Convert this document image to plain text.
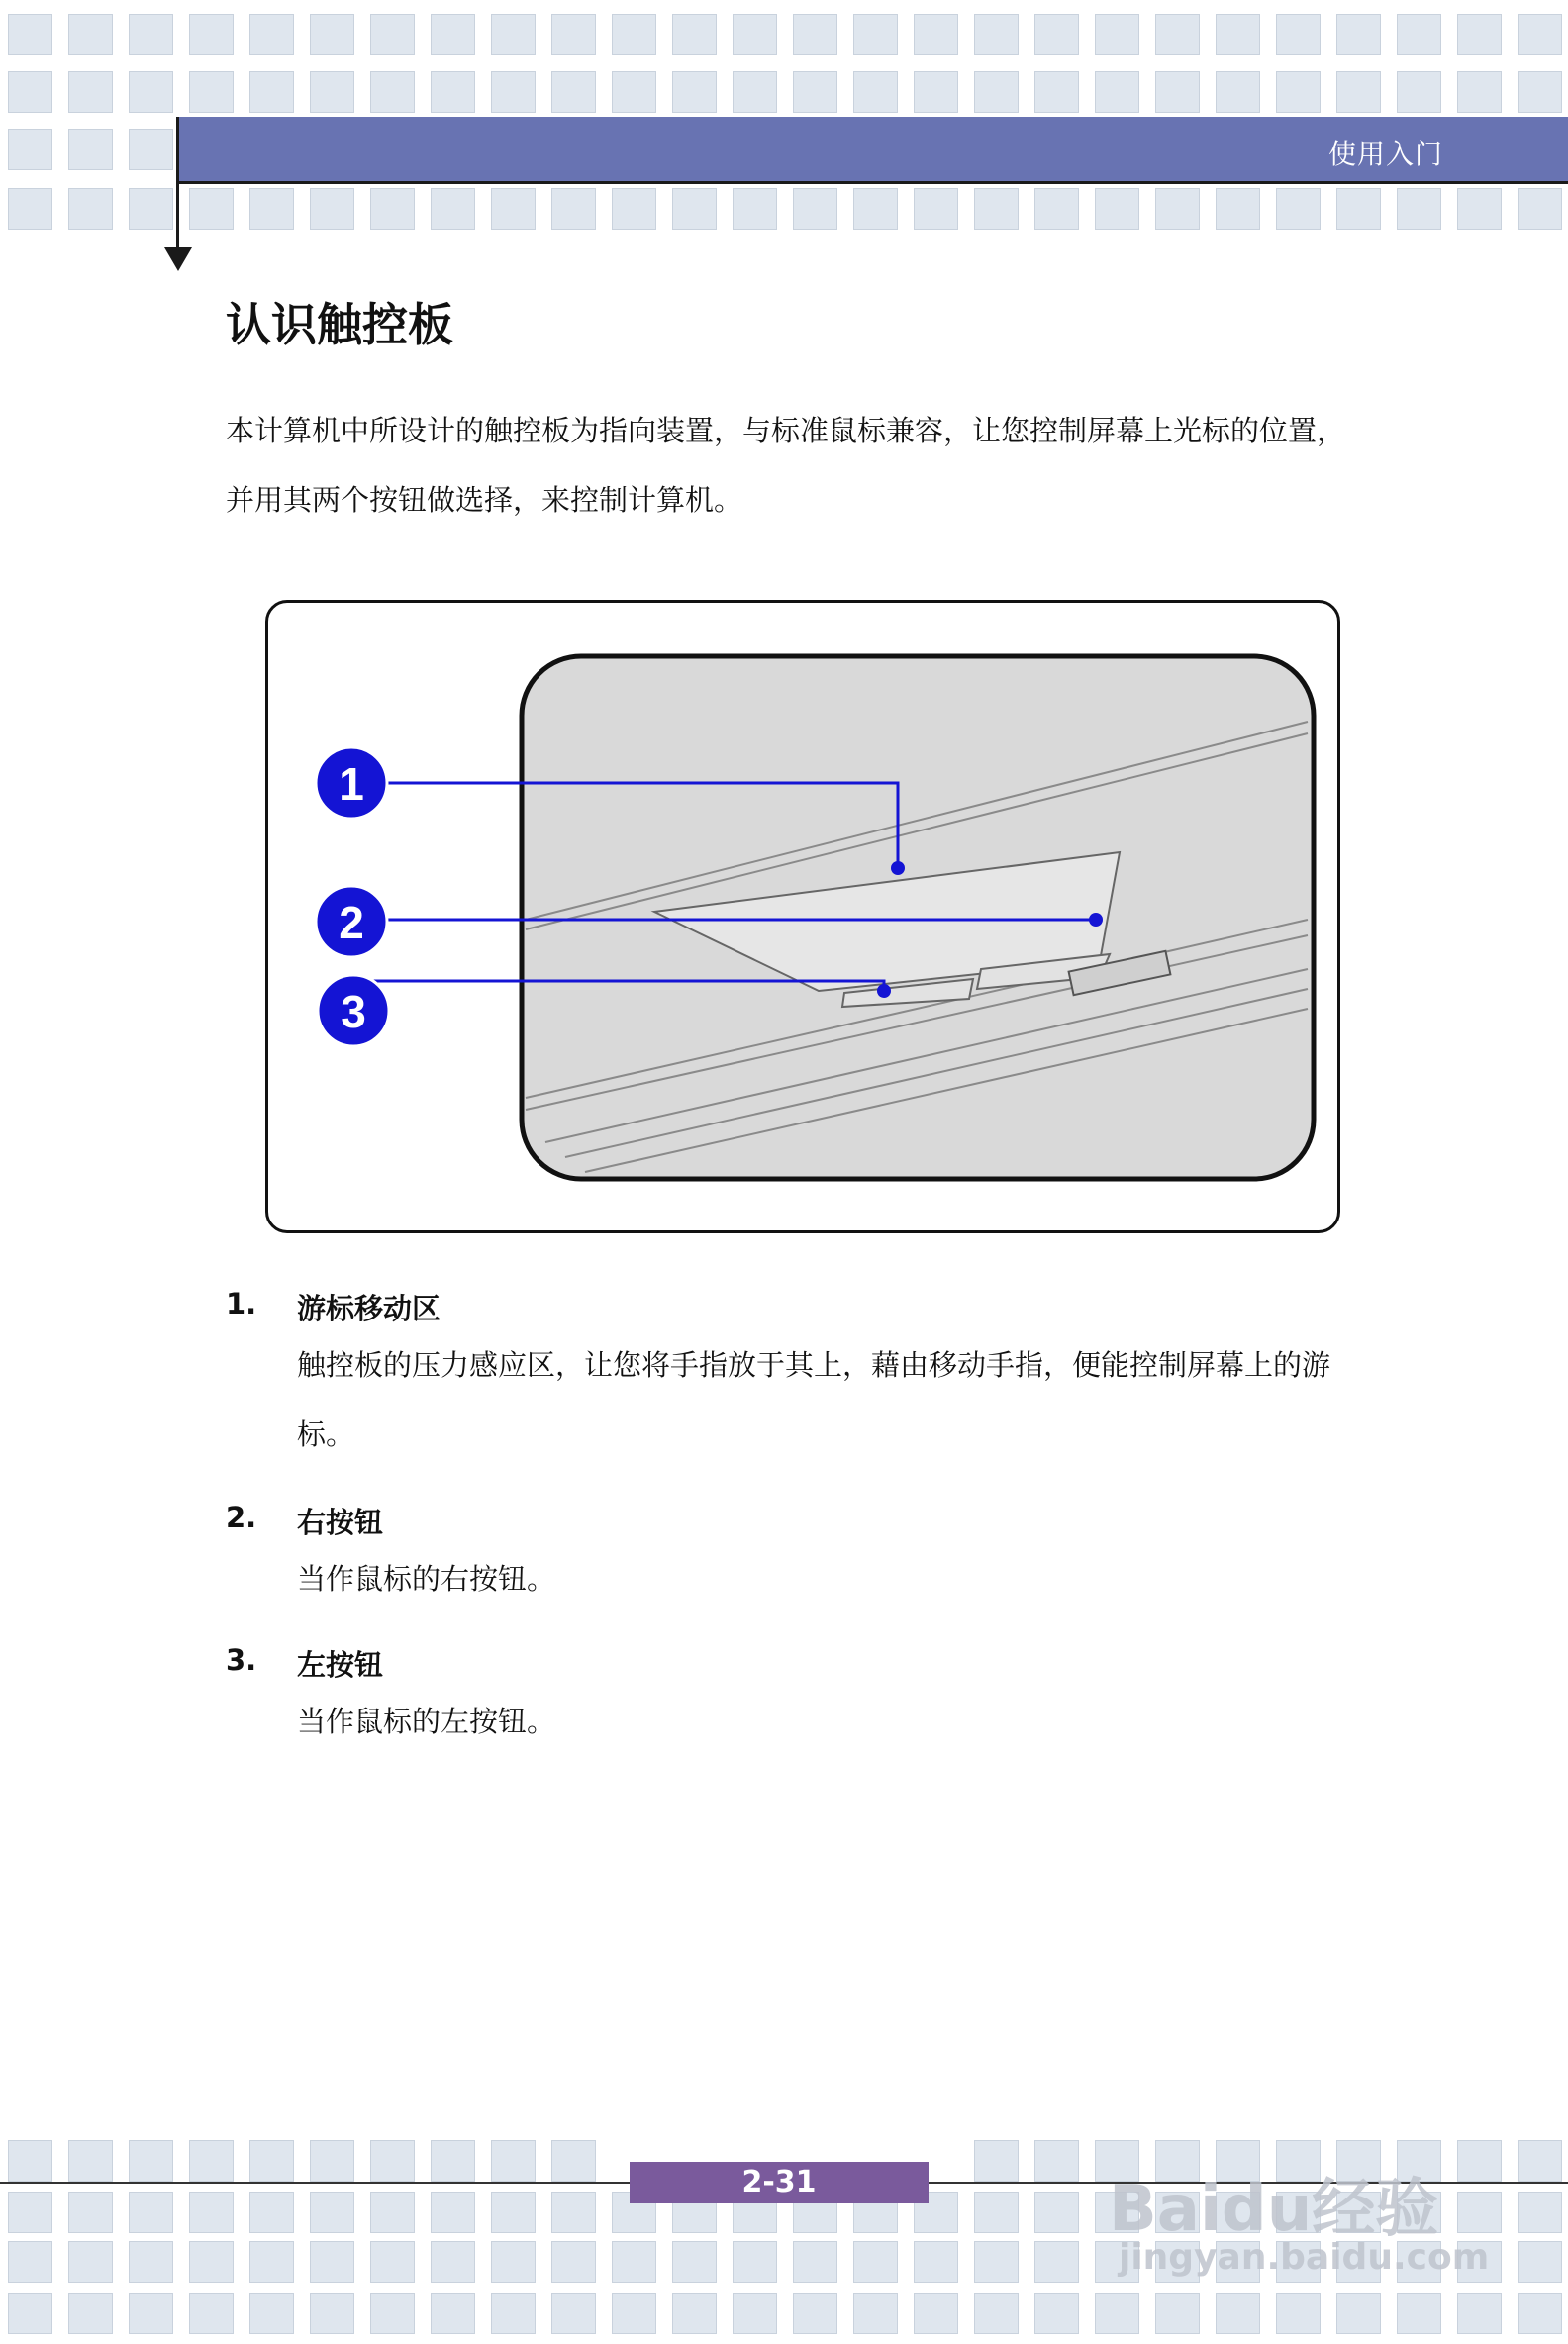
使用入门
认识触控板
本计算机中所设计的触控板为指向装置，与标准鼠标兼容，让您控制屏幕上光标的位置，并用其两个按钮做选择，来控制计算机。
1
2
3
1.	游标移动区
触控板的压力感应区，让您将手指放于其上，藉由移动手指，便能控制屏幕上的游标。
2.	右按钮
当作鼠标的右按钮。
3.	左按钮
当作鼠标的左按钮。
2-31	Baidu经验
jingyan.baidu.com
